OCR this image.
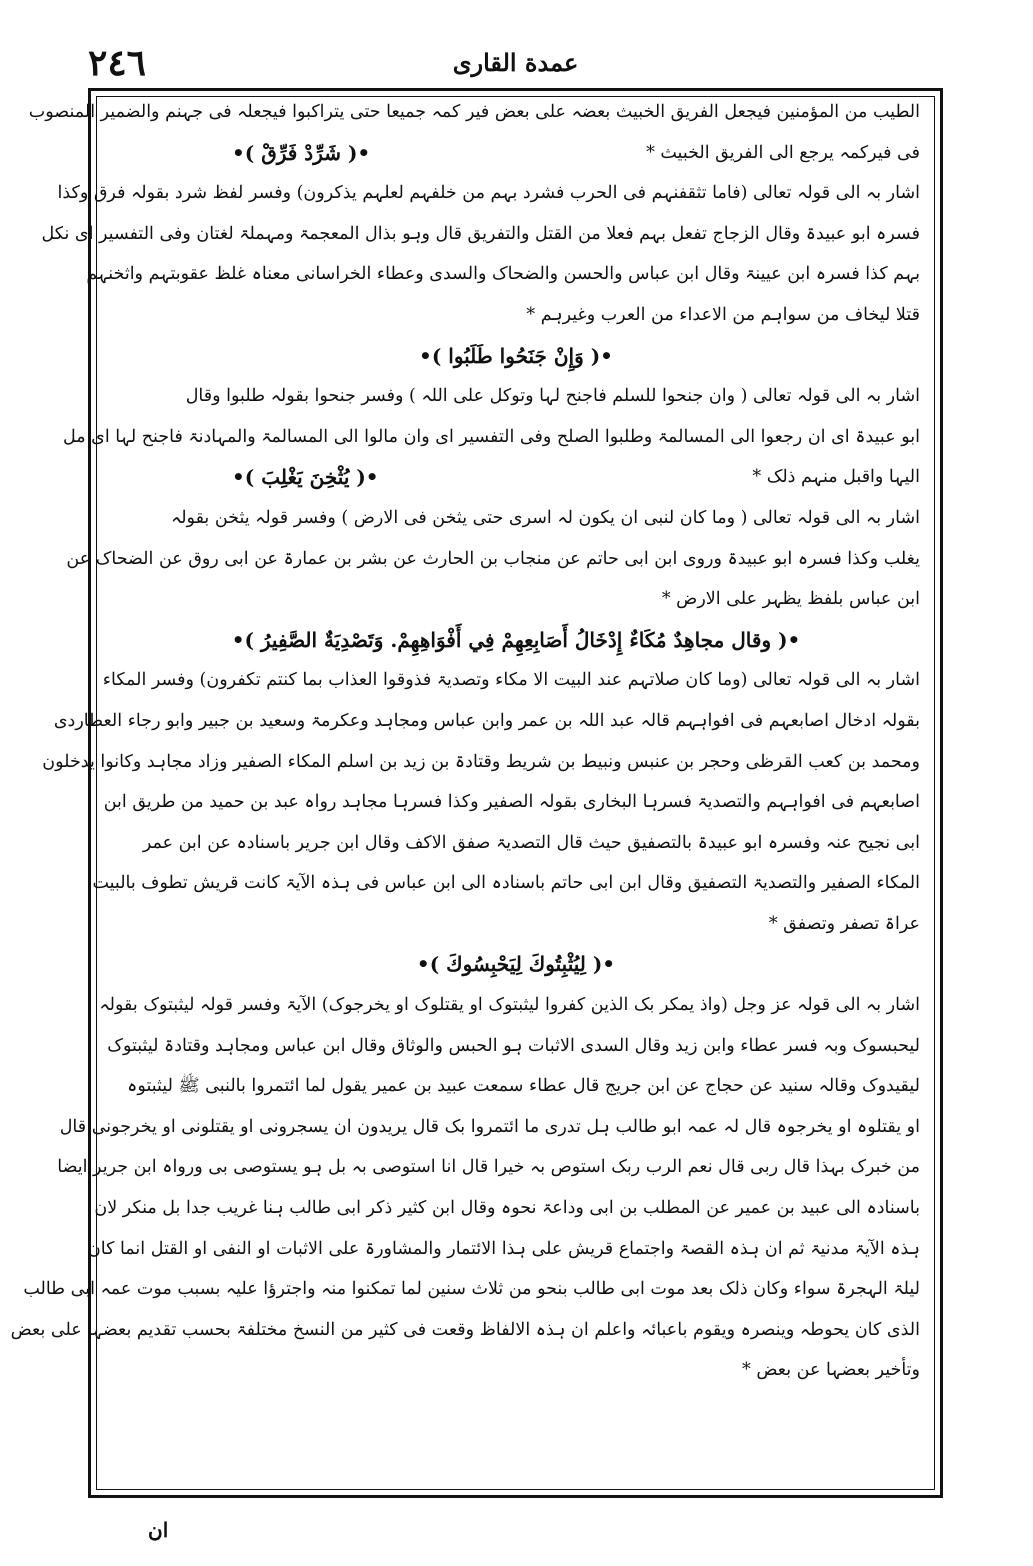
٢٤٦	عمدة القاری
الطیب من المؤمنین فیجعل الفریق الخبیث بعضہ علی بعض فیر کمہ جمیعا حتی یتراکبوا فیجعلہ فی جہنم والضمیر المنصوب
فی فیرکمہ یرجع الی الفریق الخبیث *
•( شَرِّدْ فَرِّقْ )•
اشار بہ الی قولہ تعالی (فاما تثقفنہم فی الحرب فشرد بہم من خلفہم لعلہم یذکرون) وفسر لفظ شرد بقولہ فرق وکذا
فسرہ ابو عبیدۃ وقال الزجاج تفعل بہم فعلا من القتل والتفریق قال وہو بذال المعجمۃ ومہملۃ لغتان وفی التفسیر ای نکل
بہم کذا فسرہ ابن عیینۃ وقال ابن عباس والحسن والضحاک والسدی وعطاء الخراسانی معناہ غلظ عقوبتہم واثخنہم
قتلا لیخاف من سواہم من الاعداء من العرب وغیرہم *
•( وَإِنْ جَنَحُوا طَلَبُوا )•
اشار بہ الی قولہ تعالی ( وان جنحوا للسلم فاجنح لہا وتوکل علی اللہ ) وفسر جنحوا بقولہ طلبوا وقال
ابو عبیدۃ ای ان رجعوا الی المسالمۃ وطلبوا الصلح وفی التفسیر ای وان مالوا الی المسالمۃ والمہادنۃ فاجنح لہا ای مل
الیہا واقبل منہم ذلک *
•( يُثْخِنَ يَغْلِبَ )•
اشار بہ الی قولہ تعالی ( وما کان لنبی ان یکون لہ اسری حتی یثخن فی الارض ) وفسر قولہ یثخن بقولہ
یغلب وکذا فسرہ ابو عبیدۃ وروی ابن ابی حاتم عن منجاب بن الحارث عن بشر بن عمارۃ عن ابی روق عن الضحاک عن
ابن عباس بلفظ یظہر علی الارض *
•( وقال مجاهِدٌ مُكَاءٌ إِدْخَالُ أَصَابِعِهِمْ فِي أَفْوَاهِهِمْ. وَتَصْدِيَةٌ الصَّفِيرُ )•
اشار بہ الی قولہ تعالی (وما کان صلاتہم عند البیت الا مکاء وتصدیۃ فذوقوا العذاب بما کنتم تکفرون) وفسر المکاء
بقولہ ادخال اصابعہم فی افواہہم قالہ عبد اللہ بن عمر وابن عباس ومجاہد وعکرمۃ وسعید بن جبیر وابو رجاء العطاردی
ومحمد بن کعب القرظی وحجر بن عنبس ونبیط بن شریط وقتادۃ بن زید بن اسلم المکاء الصفیر وزاد مجاہد وکانوا یدخلون
اصابعہم فی افواہہم والتصدیۃ فسرہا البخاری بقولہ الصفیر وکذا فسرہا مجاہد رواہ عبد بن حمید من طریق ابن
ابی نجیح عنہ وفسرہ ابو عبیدۃ بالتصفیق حیث قال التصدیۃ صفق الاکف وقال ابن جریر باسنادہ عن ابن عمر
المکاء الصفیر والتصدیۃ التصفیق وقال ابن ابی حاتم باسنادہ الی ابن عباس فی ہذہ الآیۃ کانت قریش تطوف بالبیت
عراۃ تصفر وتصفق *
•( لِيُثْبِتُوكَ لِيَحْبِسُوكَ )•
اشار بہ الی قولہ عز وجل (واذ یمکر بک الذین کفروا لیثبتوک او یقتلوک او یخرجوک) الآیۃ وفسر قولہ لیثبتوک بقولہ
لیحبسوک وبہ فسر عطاء وابن زید وقال السدی الاثبات ہو الحبس والوثاق وقال ابن عباس ومجاہد وقتادۃ لیثبتوک
لیقیدوک وقالہ سنید عن حجاج عن ابن جریج قال عطاء سمعت عبید بن عمیر یقول لما ائتمروا بالنبی ﷺ لیثبتوہ
او یقتلوہ او یخرجوہ قال لہ عمہ ابو طالب ہل تدری ما ائتمروا بک قال یریدون ان یسجرونی او یقتلونی او یخرجونی قال
من خبرک بہذا قال ربی قال نعم الرب ربک استوص بہ خیرا قال انا استوصی بہ بل ہو یستوصی بی ورواہ ابن جریر ایضا
باسنادہ الی عبید بن عمیر عن المطلب بن ابی وداعۃ نحوہ وقال ابن کثیر ذکر ابی طالب ہنا غریب جدا بل منکر لان
ہذہ الآیۃ مدنیۃ ثم ان ہذہ القصۃ واجتماع قریش علی ہذا الائتمار والمشاورۃ علی الاثبات او النفی او القتل انما کان
لیلۃ الہجرۃ سواء وکان ذلک بعد موت ابی طالب بنحو من ثلاث سنین لما تمکنوا منہ واجترؤا علیہ بسبب موت عمہ ابی طالب
الذی کان یحوطہ وینصرہ ویقوم باعبائہ واعلم ان ہذہ الالفاظ وقعت فی کثیر من النسخ مختلفۃ بحسب تقدیم بعضہا علی بعض
وتأخیر بعضہا عن بعض *
ان
